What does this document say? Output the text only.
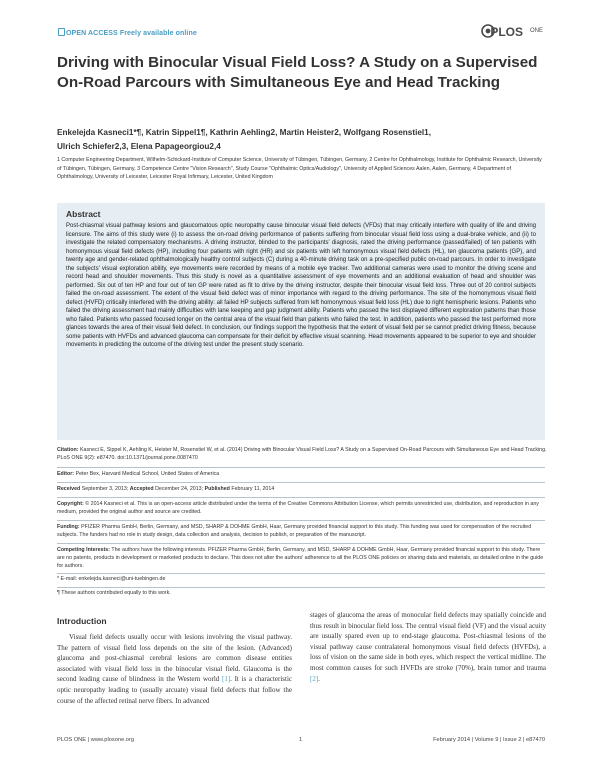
OPEN ACCESS Freely available online	PLOS ONE
Driving with Binocular Visual Field Loss? A Study on a Supervised On-Road Parcours with Simultaneous Eye and Head Tracking
Enkelejda Kasneci1*¶, Katrin Sippel1¶, Kathrin Aehling2, Martin Heister2, Wolfgang Rosenstiel1,
Ulrich Schiefer2,3, Elena Papageorgiou2,4
1 Computer Engineering Department, Wilhelm-Schickard-Institute of Computer Science, University of Tübingen, Tübingen, Germany, 2 Centre for Ophthalmology, Institute for Ophthalmic Research, University of Tübingen, Tübingen, Germany, 3 Competence Centre "Vision Research", Study Course "Ophthalmic Optics/Audiology", University of Applied Sciences Aalen, Aalen, Germany, 4 Department of Ophthalmology, University of Leicester, Leicester Royal Infirmary, Leicester, United Kingdom
Abstract
Post-chiasmal visual pathway lesions and glaucomatous optic neuropathy cause binocular visual field defects (VFDs) that may critically interfere with quality of life and driving licensure. The aims of this study were (i) to assess the on-road driving performance of patients suffering from binocular visual field loss using a dual-brake vehicle, and (ii) to investigate the related compensatory mechanisms. A driving instructor, blinded to the participants' diagnosis, rated the driving performance (passed/failed) of ten patients with homonymous visual field defects (HP), including four patients with right (HR) and six patients with left homonymous visual field defects (HL), ten glaucoma patients (GP), and twenty age and gender-related ophthalmologically healthy control subjects (C) during a 40-minute driving task on a pre-specified public on-road parcours. In order to investigate the subjects' visual exploration ability, eye movements were recorded by means of a mobile eye tracker. Two additional cameras were used to monitor the driving scene and record head and shoulder movements. Thus this study is novel as a quantitative assessment of eye movements and an additional evaluation of head and shoulder was performed. Six out of ten HP and four out of ten GP were rated as fit to drive by the driving instructor, despite their binocular visual field loss. Three out of 20 control subjects failed the on-road assessment. The extent of the visual field defect was of minor importance with regard to the driving performance. The site of the homonymous visual field defect (HVFD) critically interfered with the driving ability: all failed HP subjects suffered from left homonymous visual field loss (HL) due to right hemispheric lesions. Patients who failed the driving assessment had mainly difficulties with lane keeping and gap judgment ability. Patients who passed the test displayed different exploration patterns than those who failed. Patients who passed focused longer on the central area of the visual field than patients who failed the test. In addition, patients who passed the test performed more glances towards the area of their visual field defect. In conclusion, our findings support the hypothesis that the extent of visual field per se cannot predict driving fitness, because some patients with HVFDs and advanced glaucoma can compensate for their deficit by effective visual scanning. Head movements appeared to be superior to eye and shoulder movements in predicting the outcome of the driving test under the present study scenario.
Citation: Kasneci E, Sippel K, Aehling K, Heister M, Rosenstiel W, et al. (2014) Driving with Binocular Visual Field Loss? A Study on a Supervised On-Road Parcours with Simultaneous Eye and Head Tracking. PLoS ONE 9(2): e87470. doi:10.1371/journal.pone.0087470
Editor: Peter Bex, Harvard Medical School, United States of America
Received September 3, 2013; Accepted December 24, 2013; Published February 11, 2014
Copyright: © 2014 Kasneci et al. This is an open-access article distributed under the terms of the Creative Commons Attribution License, which permits unrestricted use, distribution, and reproduction in any medium, provided the original author and source are credited.
Funding: PFIZER Pharma GmbH, Berlin, Germany, and MSD, SHARP & DOHME GmbH, Haar, Germany provided financial support to this study. This funding was used for compensation of the recruited subjects. The funders had no role in study design, data collection and analysis, decision to publish, or preparation of the manuscript.
Competing Interests: The authors have the following interests. PFIZER Pharma GmbH, Berlin, Germany, and MSD, SHARP & DOHME GmbH, Haar, Germany provided financial support to this study. There are no patents, products in development or marketed products to declare. This does not alter the authors' adherence to all the PLOS ONE policies on sharing data and materials, as detailed online in the guide for authors.
* E-mail: enkelejda.kasneci@uni-tuebingen.de
¶ These authors contributed equally to this work.
Introduction
Visual field defects usually occur with lesions involving the visual pathway. The pattern of visual field loss depends on the site of the lesion. (Advanced) glaucoma and post-chiasmal cerebral lesions are common disease entities associated with visual field loss in the binocular visual field. Glaucoma is the second leading cause of blindness in the Western world [1]. It is a characteristic optic neuropathy leading to (usually arcuate) visual field defects that follow the course of the affected retinal nerve fibers. In advanced
stages of glaucoma the areas of monocular field defects may spatially coincide and thus result in binocular field loss. The central visual field (VF) and the visual acuity are usually spared even up to end-stage glaucoma. Post-chiasmal lesions of the visual pathway cause contralateral homonymous visual field defects (HVFDs), a loss of vision on the same side in both eyes, which respect the vertical midline. The most common causes for such HVFDs are stroke (70%), brain tumor and trauma [2].
PLOS ONE | www.plosone.org	1	February 2014 | Volume 9 | Issue 2 | e87470
